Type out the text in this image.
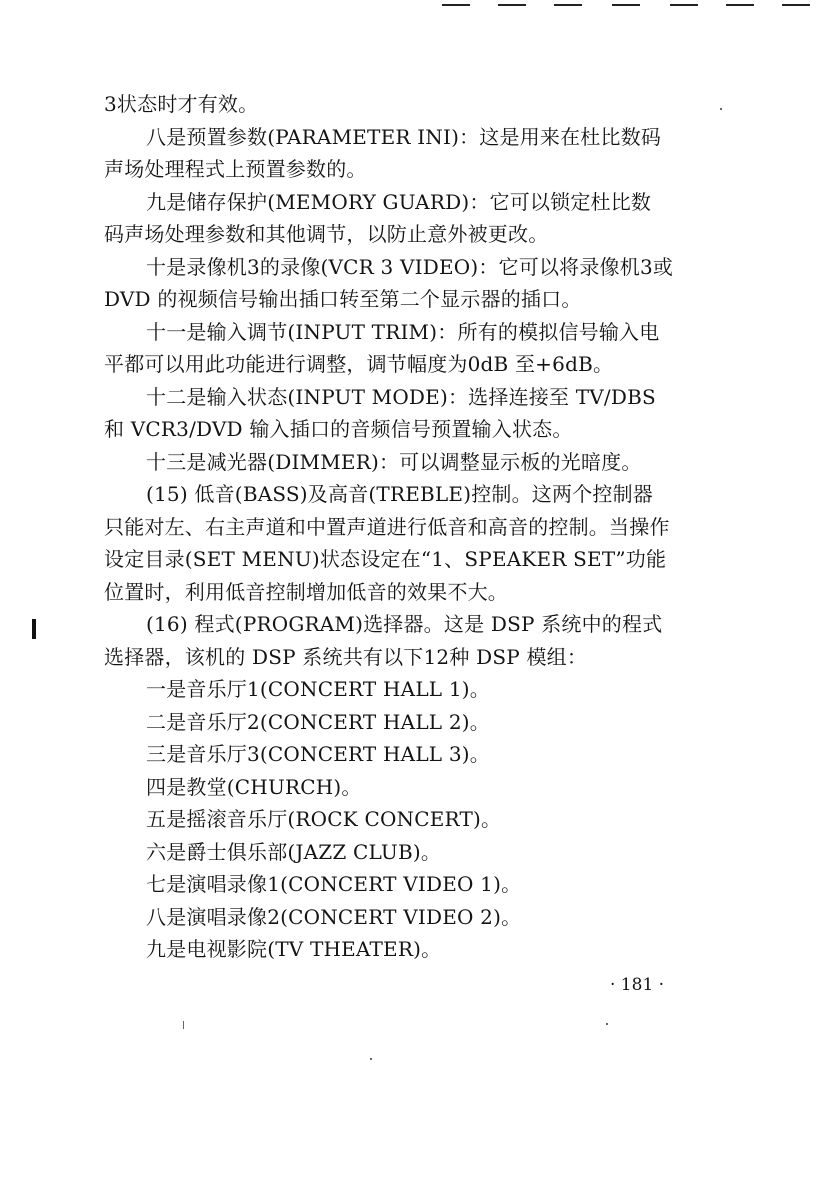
3状态时才有效。
八是预置参数(PARAMETER INI)：这是用来在杜比数码
声场处理程式上预置参数的。
九是储存保护(MEMORY GUARD)：它可以锁定杜比数
码声场处理参数和其他调节，以防止意外被更改。
十是录像机3的录像(VCR 3 VIDEO)：它可以将录像机3或
DVD 的视频信号输出插口转至第二个显示器的插口。
十一是输入调节(INPUT TRIM)：所有的模拟信号输入电
平都可以用此功能进行调整，调节幅度为0dB 至+6dB。
十二是输入状态(INPUT MODE)：选择连接至 TV/DBS
和 VCR3/DVD 输入插口的音频信号预置输入状态。
十三是减光器(DIMMER)：可以调整显示板的光暗度。
(15) 低音(BASS)及高音(TREBLE)控制。这两个控制器
只能对左、右主声道和中置声道进行低音和高音的控制。当操作
设定目录(SET MENU)状态设定在“1、SPEAKER SET”功能
位置时，利用低音控制增加低音的效果不大。
(16) 程式(PROGRAM)选择器。这是 DSP 系统中的程式
选择器，该机的 DSP 系统共有以下12种 DSP 模组：
一是音乐厅1(CONCERT HALL 1)。
二是音乐厅2(CONCERT HALL 2)。
三是音乐厅3(CONCERT HALL 3)。
四是教堂(CHURCH)。
五是摇滚音乐厅(ROCK CONCERT)。
六是爵士俱乐部(JAZZ CLUB)。
七是演唱录像1(CONCERT VIDEO 1)。
八是演唱录像2(CONCERT VIDEO 2)。
九是电视影院(TV THEATER)。
· 181 ·
